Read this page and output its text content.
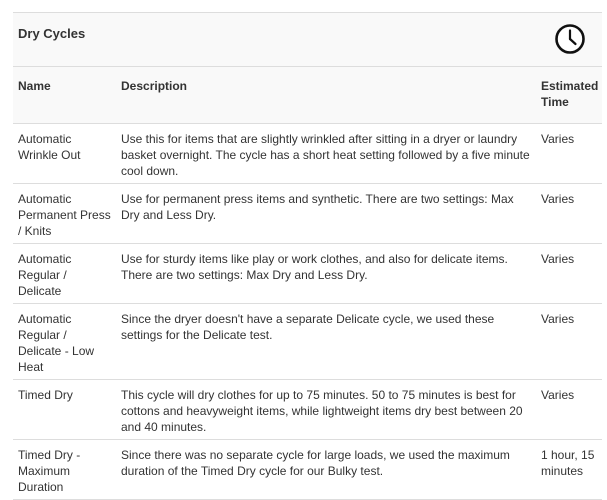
Dry Cycles
Name	Description	Estimated Time
Automatic Wrinkle Out	Use this for items that are slightly wrinkled after sitting in a dryer or laundry basket overnight. The cycle has a short heat setting followed by a five minute cool down.	Varies
Automatic Permanent Press / Knits	Use for permanent press items and synthetic. There are two settings: Max Dry and Less Dry.	Varies
Automatic Regular / Delicate	Use for sturdy items like play or work clothes, and also for delicate items. There are two settings: Max Dry and Less Dry.	Varies
Automatic Regular / Delicate - Low Heat	Since the dryer doesn't have a separate Delicate cycle, we used these settings for the Delicate test.	Varies
Timed Dry	This cycle will dry clothes for up to 75 minutes. 50 to 75 minutes is best for cottons and heavyweight items, while lightweight items dry best between 20 and 40 minutes.	Varies
Timed Dry - Maximum Duration	Since there was no separate cycle for large loads, we used the maximum duration of the Timed Dry cycle for our Bulky test.	1 hour, 15 minutes
